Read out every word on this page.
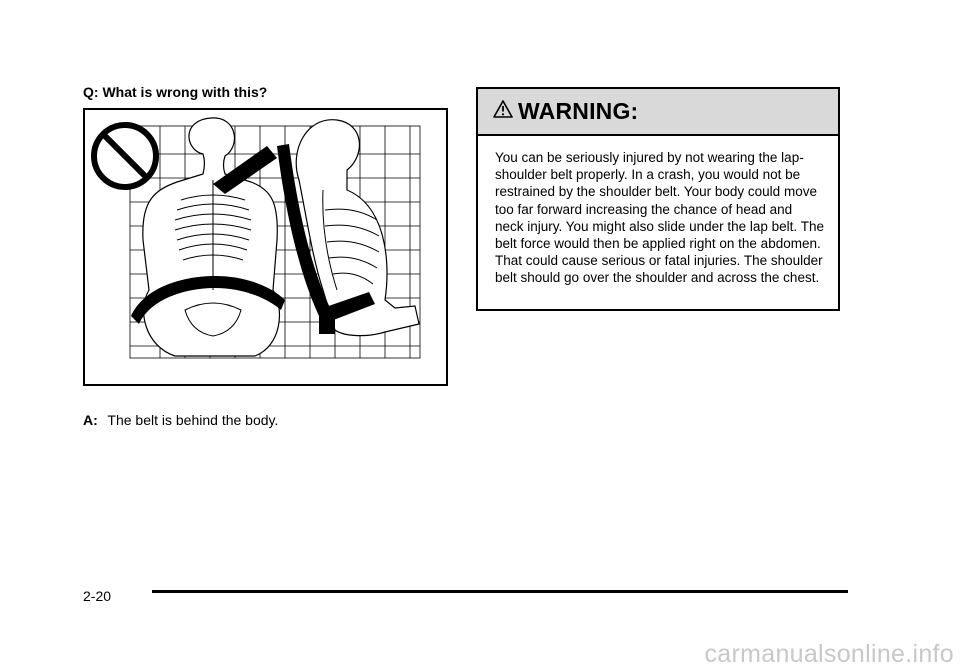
Q: What is wrong with this?
A: The belt is behind the body.
WARNING:
You can be seriously injured by not wearing the lap-shoulder belt properly. In a crash, you would not be restrained by the shoulder belt. Your body could move too far forward increasing the chance of head and neck injury. You might also slide under the lap belt. The belt force would then be applied right on the abdomen. That could cause serious or fatal injuries. The shoulder belt should go over the shoulder and across the chest.
2-20
carmanualsonline.info
